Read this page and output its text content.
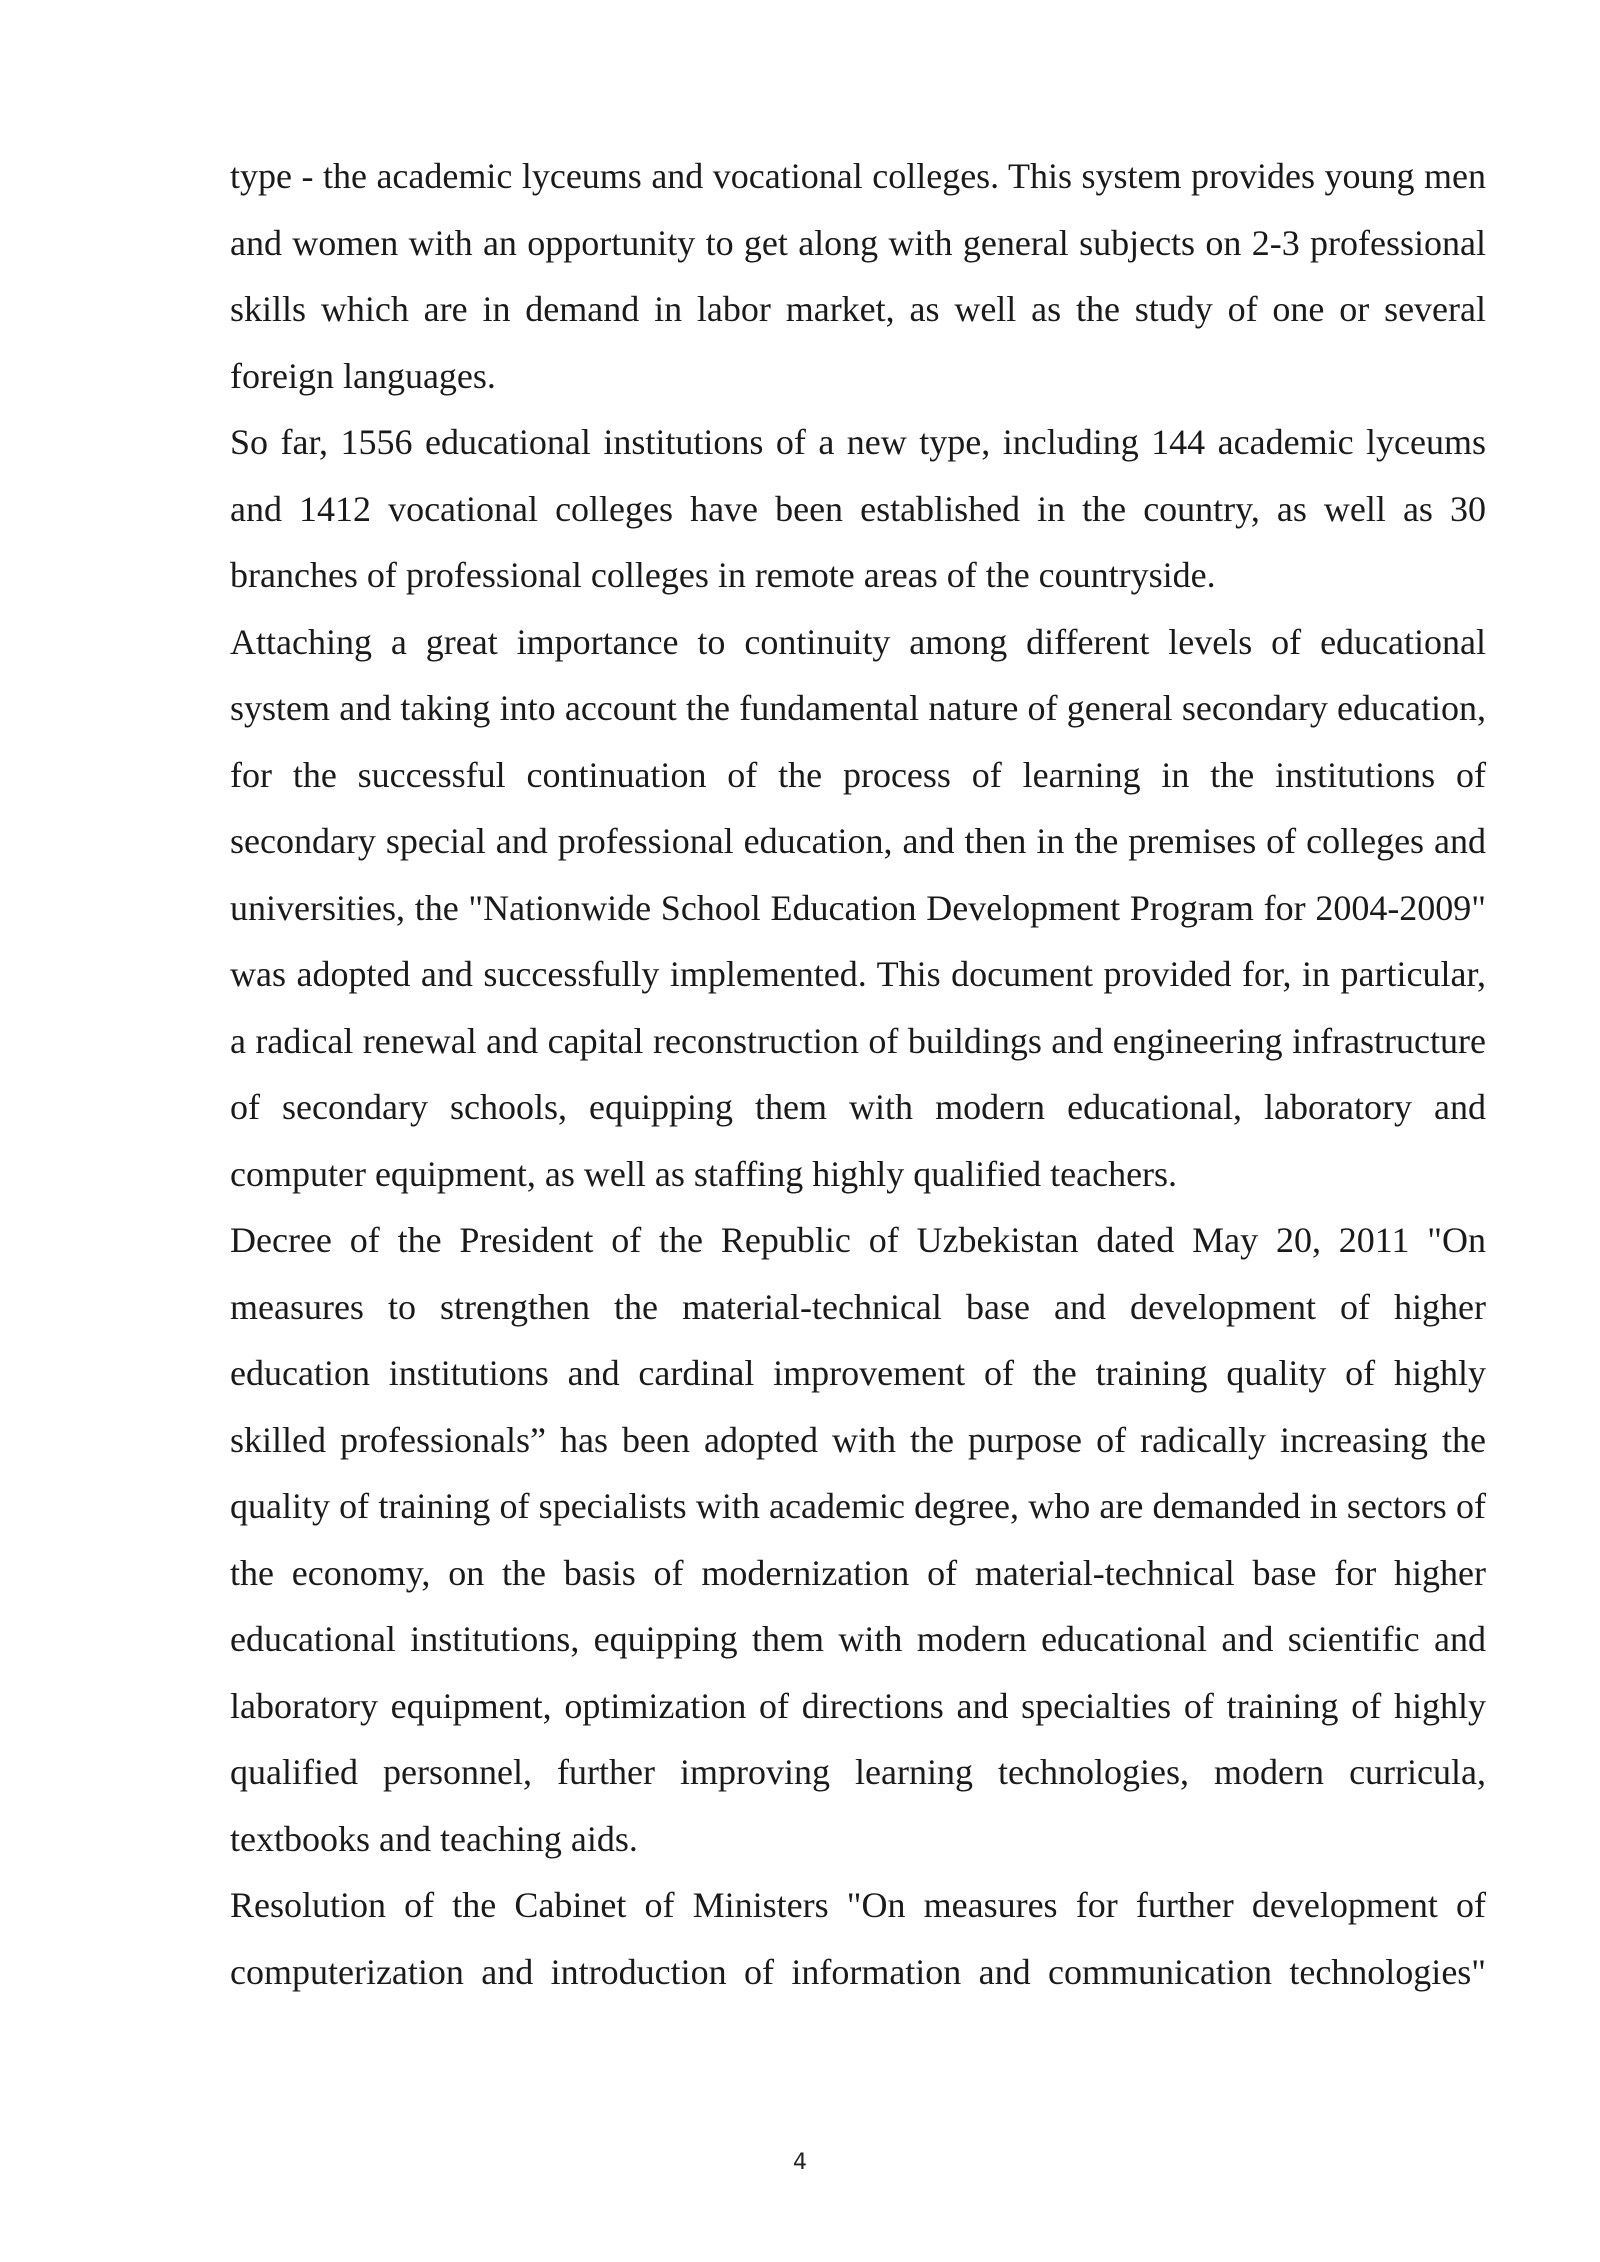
type - the academic lyceums and vocational colleges. This system provides young men and women with an opportunity to get along with general subjects on 2-3 professional skills which are in demand in labor market, as well as the study of one or several foreign languages.

So far, 1556 educational institutions of a new type, including 144 academic lyceums and 1412 vocational colleges have been established in the country, as well as 30 branches of professional colleges in remote areas of the countryside.

Attaching a great importance to continuity among different levels of educational system and taking into account the fundamental nature of general secondary education, for the successful continuation of the process of learning in the institutions of secondary special and professional education, and then in the premises of colleges and universities, the "Nationwide School Education Development Program for 2004-2009" was adopted and successfully implemented. This document provided for, in particular, a radical renewal and capital reconstruction of buildings and engineering infrastructure of secondary schools, equipping them with modern educational, laboratory and computer equipment, as well as staffing highly qualified teachers.

Decree of the President of the Republic of Uzbekistan dated May 20, 2011 "On measures to strengthen the material-technical base and development of higher education institutions and cardinal improvement of the training quality of highly skilled professionals” has been adopted with the purpose of radically increasing the quality of training of specialists with academic degree, who are demanded in sectors of the economy, on the basis of modernization of material-technical base for higher educational institutions, equipping them with modern educational and scientific and laboratory equipment, optimization of directions and specialties of training of highly qualified personnel, further improving learning technologies, modern curricula, textbooks and teaching aids.

Resolution of the Cabinet of Ministers "On measures for further development of computerization and introduction of information and communication technologies"

4
